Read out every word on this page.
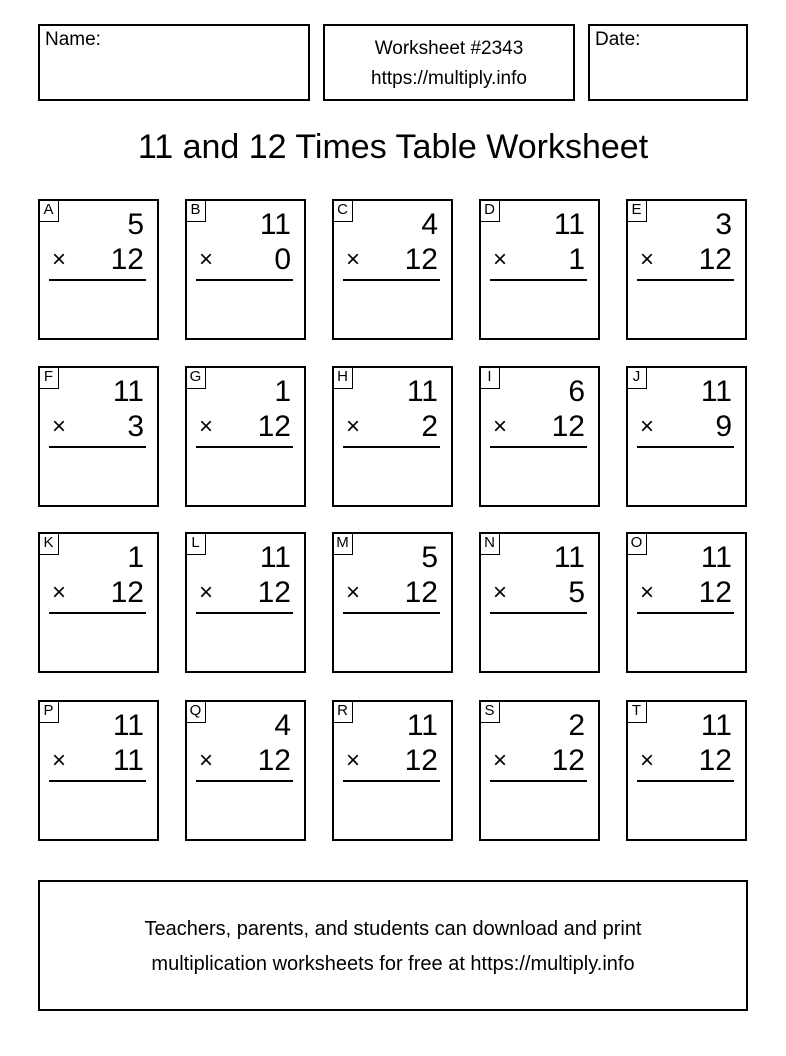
Name:	Worksheet #2343
https://multiply.info
Date:
11 and 12 Times Table Worksheet
A 5
× 12
B 11
× 0
C 4
× 12
D 11
× 1
E 3
× 12
F 11
× 3
G 1
× 12
H 11
× 2
I	6
× 12
J 11
× 9
K 1
× 12
L 11
× 12
M 5
× 12
N 11
× 5
O 11
× 12
P 11
× 11
Q 4
× 12
R 11
× 12
S 2
× 12
T 11
× 12
Teachers, parents, and students can download and print
multiplication worksheets for free at https://multiply.info
